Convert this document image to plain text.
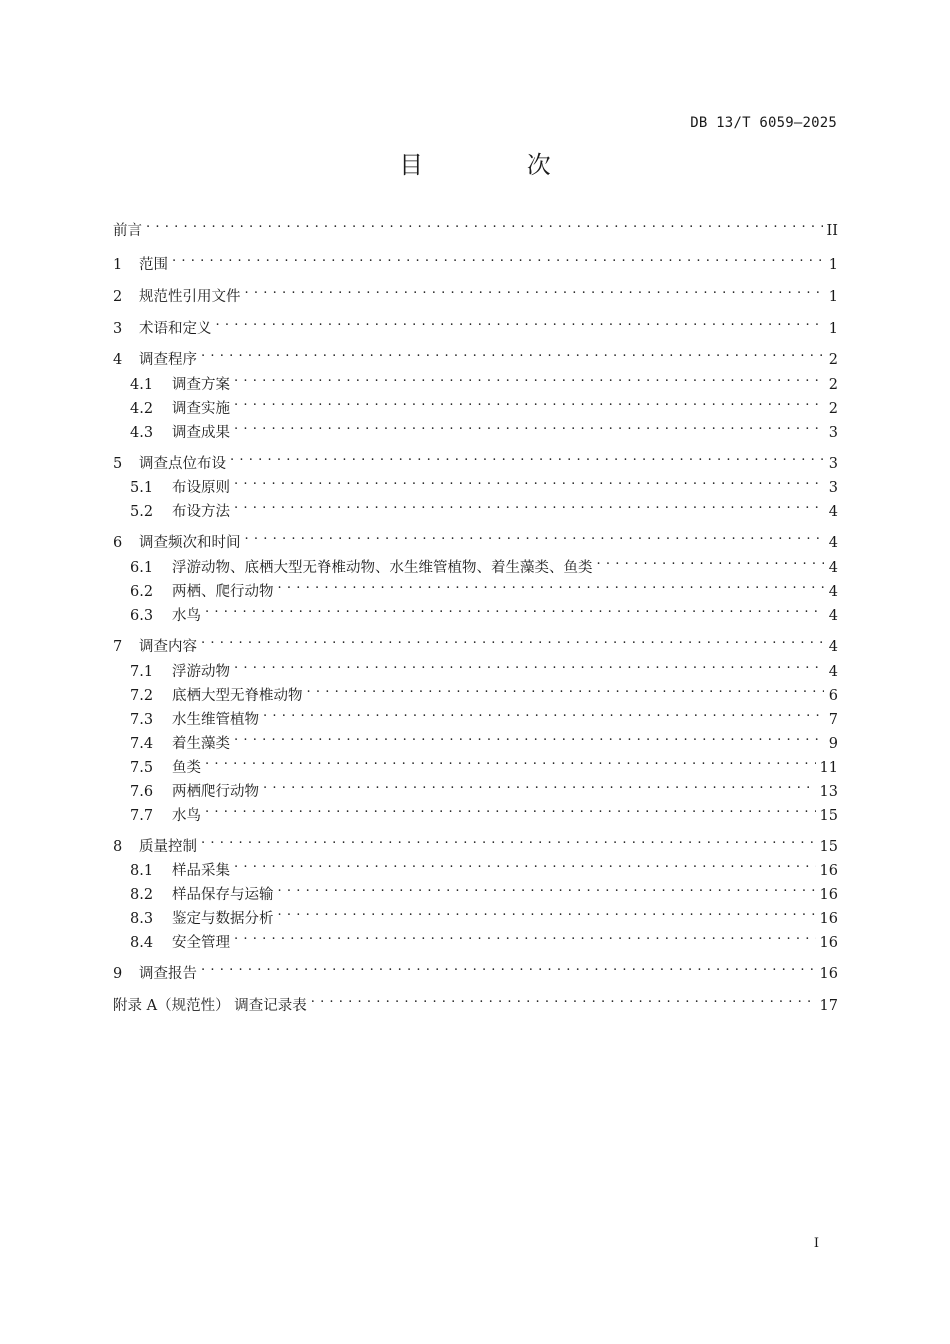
DB 13/T 6059—2025
目 次
前言 . . .	II
1	范围 . . .	1
2	规范性引用文件 . . .	1
3	术语和定义 . . .	1
4	调查程序 . . .	2
4.1	调查方案 . . .	2
4.2	调查实施 . . .	2
4.3	调查成果 . . .	3
5	调查点位布设 . . .	3
5.1	布设原则 . . .	3
5.2	布设方法 . . .	4
6	调查频次和时间 . . .	4
6.1	浮游动物、底栖大型无脊椎动物、水生维管植物、着生藻类、鱼类 . . .	4
6.2	两栖、爬行动物 . . .	4
6.3	水鸟 . . .	4
7	调查内容 . . .	4
7.1	浮游动物 . . .	4
7.2	底栖大型无脊椎动物 . . .	6
7.3	水生维管植物 . . .	7
7.4	着生藻类 . . .	9
7.5	鱼类 . . .	11
7.6	两栖爬行动物 . . .	13
7.7	水鸟 . . .	15
8	质量控制 . . .	15
8.1	样品采集 . . .	16
8.2	样品保存与运输 . . .	16
8.3	鉴定与数据分析 . . .	16
8.4	安全管理 . . .	16
9	调查报告 . . .	16
附录 A（规范性） 调查记录表 . . .	17
I
